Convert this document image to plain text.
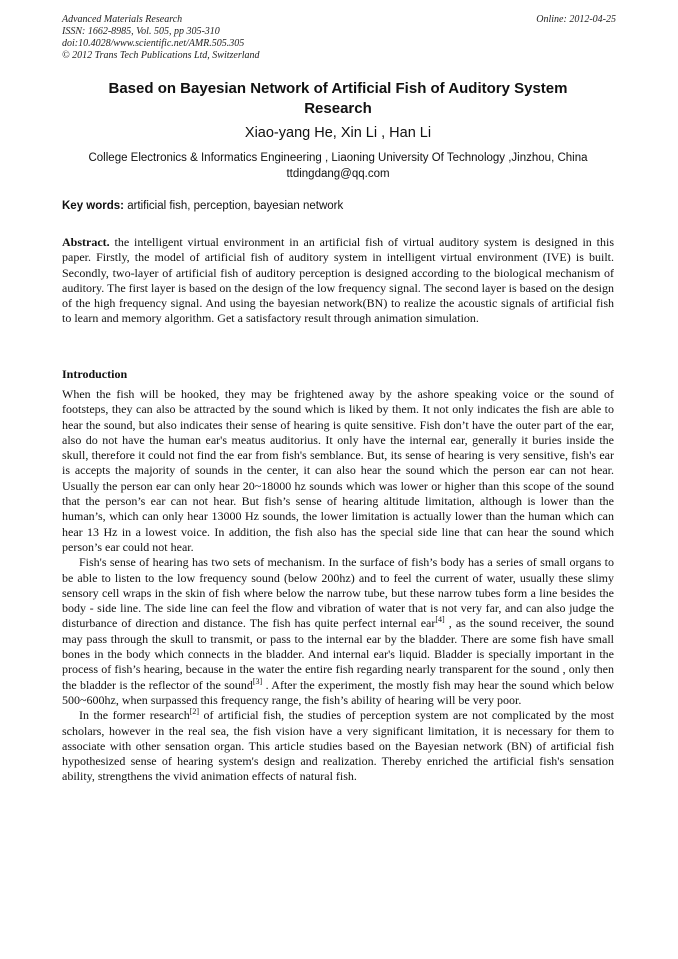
Advanced Materials Research
ISSN: 1662-8985, Vol. 505, pp 305-310
doi:10.4028/www.scientific.net/AMR.505.305
© 2012 Trans Tech Publications Ltd, Switzerland
Online: 2012-04-25
Based on Bayesian Network of Artificial Fish of Auditory System
Research
Xiao-yang He, Xin Li , Han Li
College Electronics & Informatics Engineering , Liaoning University Of Technology ,Jinzhou, China
ttdingdang@qq.com
Key words: artificial fish, perception, bayesian network
Abstract. the intelligent virtual environment in an artificial fish of virtual auditory system is designed in this paper. Firstly, the model of artificial fish of auditory system in intelligent virtual environment (IVE) is built. Secondly, two-layer of artificial fish of auditory perception is designed according to the biological mechanism of auditory. The first layer is based on the design of the low frequency signal. The second layer is based on the design of the high frequency signal. And using the bayesian network(BN) to realize the acoustic signals of artificial fish to learn and memory algorithm. Get a satisfactory result through animation simulation.
Introduction

When the fish will be hooked, they may be frightened away by the ashore speaking voice or the sound of footsteps, they can also be attracted by the sound which is liked by them. It not only indicates the fish are able to hear the sound, but also indicates their sense of hearing is quite sensitive. Fish don’t have the outer part of the ear, also do not have the human ear's meatus auditorius. It only have the internal ear, generally it buries inside the skull, therefore it could not find the ear from fish's semblance. But, its sense of hearing is very sensitive, fish's ear is accepts the majority of sounds in the center, it can also hear the sound which the person ear can not hear. Usually the person ear can only hear 20~18000 hz sounds which was lower or higher than this scope of the sound that the person’s ear can not hear. But fish’s sense of hearing altitude limitation, although is lower than the human’s, which can only hear 13000 Hz sounds, the lower limitation is actually lower than the human which can hear 13 Hz in a lowest voice. In addition, the fish also has the special side line that can hear the sound which person’s ear could not hear.

Fish's sense of hearing has two sets of mechanism. In the surface of fish’s body has a series of small organs to be able to listen to the low frequency sound (below 200hz) and to feel the current of water, usually these slimy sensory cell wraps in the skin of fish where below the narrow tube, but these narrow tubes form a line besides the body - side line. The side line can feel the flow and vibration of water that is not very far, and can also judge the disturbance of direction and distance. The fish has quite perfect internal ear[4] , as the sound receiver, the sound may pass through the skull to transmit, or pass to the internal ear by the bladder. There are some fish have small bones in the body which connects in the bladder. And internal ear's liquid. Bladder is specially important in the process of fish’s hearing, because in the water the entire fish regarding nearly transparent for the sound , only then the bladder is the reflector of the sound[3] . After the experiment, the mostly fish may hear the sound which below 500~600hz, when surpassed this frequency range, the fish’s ability of hearing will be very poor.

In the former research[2] of artificial fish, the studies of perception system are not complicated by the most scholars, however in the real sea, the fish vision have a very significant limitation, it is necessary for them to associate with other sensation organ. This article studies based on the Bayesian network (BN) of artificial fish hypothesized sense of hearing system's design and realization. Thereby enriched the artificial fish's sensation ability, strengthens the vivid animation effects of natural fish.
